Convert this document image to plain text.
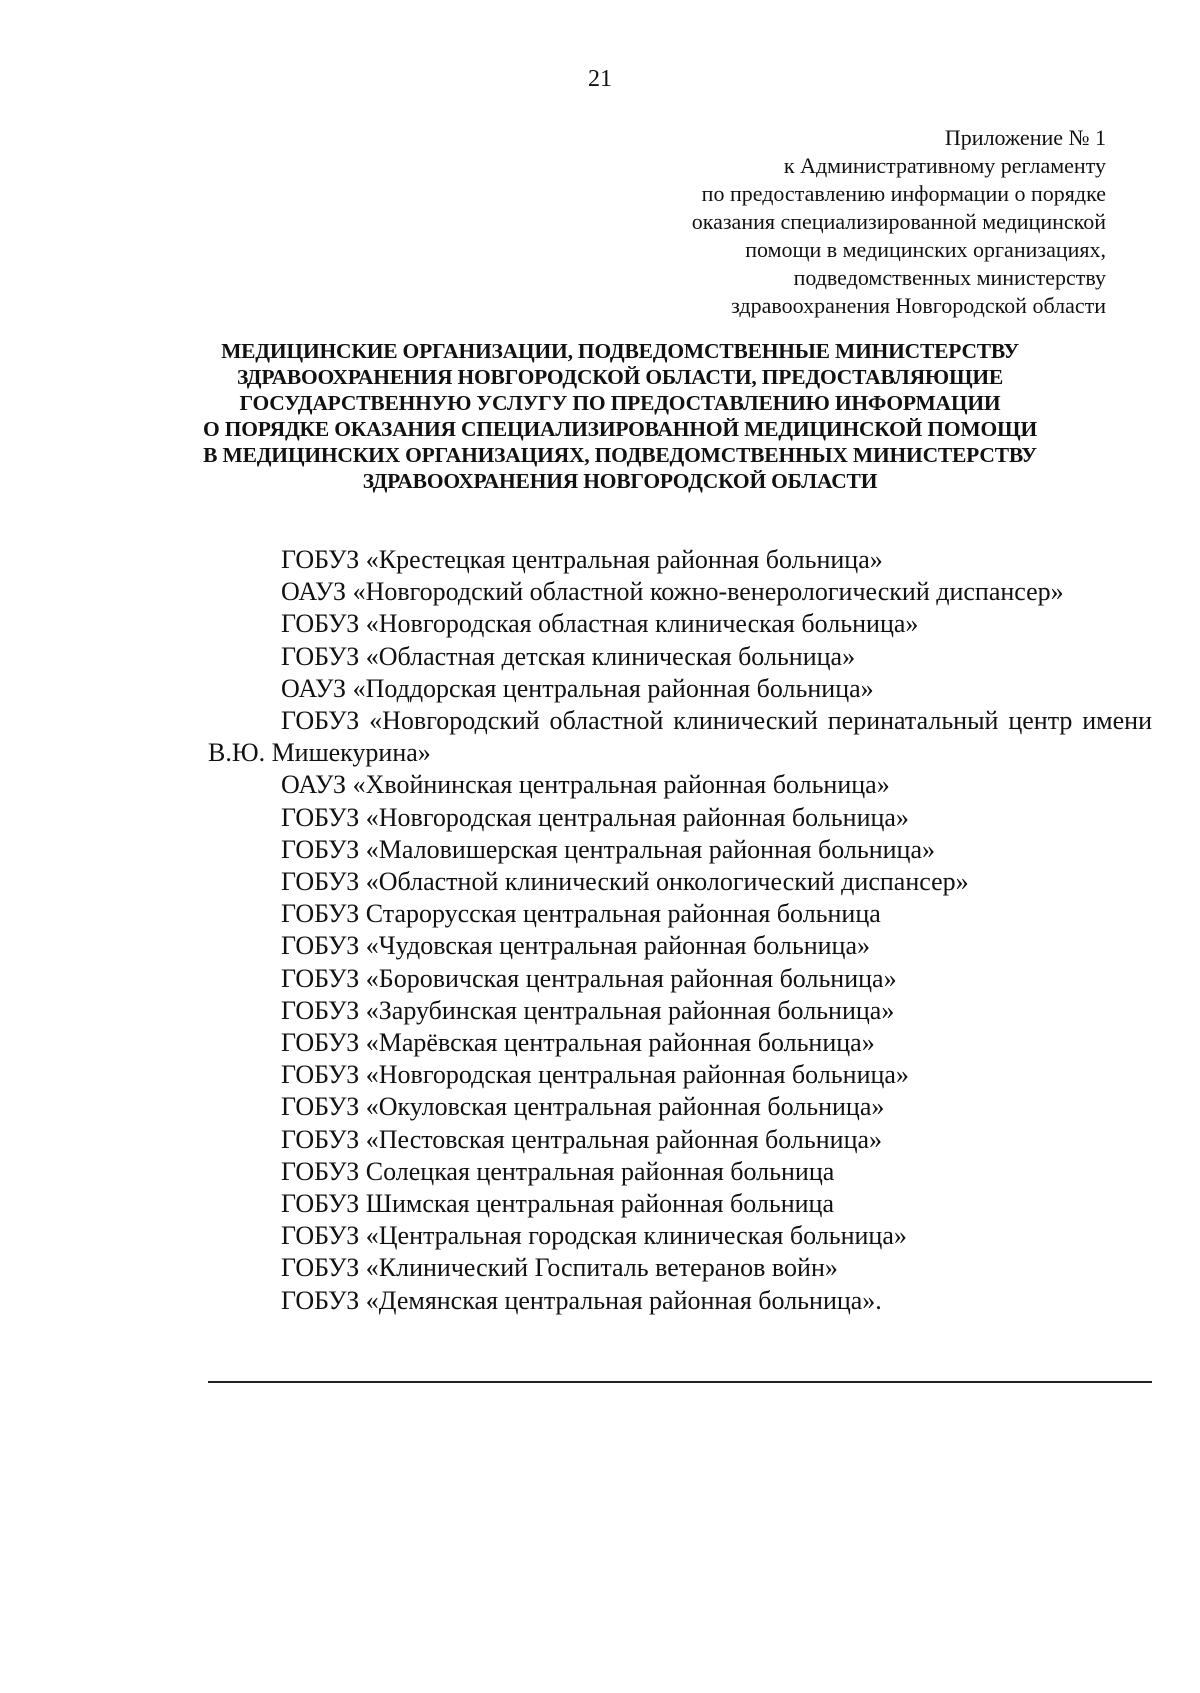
21
Приложение № 1
к Административному регламенту
по предоставлению информации о порядке
оказания специализированной медицинской
помощи в медицинских организациях,
подведомственных министерству
здравоохранения Новгородской области
МЕДИЦИНСКИЕ ОРГАНИЗАЦИИ, ПОДВЕДОМСТВЕННЫЕ МИНИСТЕРСТВУ
ЗДРАВООХРАНЕНИЯ НОВГОРОДСКОЙ ОБЛАСТИ, ПРЕДОСТАВЛЯЮЩИЕ
ГОСУДАРСТВЕННУЮ УСЛУГУ ПО ПРЕДОСТАВЛЕНИЮ ИНФОРМАЦИИ
О ПОРЯДКЕ ОКАЗАНИЯ СПЕЦИАЛИЗИРОВАННОЙ МЕДИЦИНСКОЙ ПОМОЩИ
В МЕДИЦИНСКИХ ОРГАНИЗАЦИЯХ, ПОДВЕДОМСТВЕННЫХ МИНИСТЕРСТВУ
ЗДРАВООХРАНЕНИЯ НОВГОРОДСКОЙ ОБЛАСТИ
ГОБУЗ «Крестецкая центральная районная больница»
ОАУЗ «Новгородский областной кожно-венерологический диспансер»
ГОБУЗ «Новгородская областная клиническая больница»
ГОБУЗ «Областная детская клиническая больница»
ОАУЗ «Поддорская центральная районная больница»
ГОБУЗ «Новгородский областной клинический перинатальный центр имени В.Ю. Мишекурина»
ОАУЗ «Хвойнинская центральная районная больница»
ГОБУЗ «Новгородская центральная районная больница»
ГОБУЗ «Маловишерская центральная районная больница»
ГОБУЗ «Областной клинический онкологический диспансер»
ГОБУЗ Старорусская центральная районная больница
ГОБУЗ «Чудовская центральная районная больница»
ГОБУЗ «Боровичская центральная районная больница»
ГОБУЗ «Зарубинская центральная районная больница»
ГОБУЗ «Марёвская центральная районная больница»
ГОБУЗ «Новгородская центральная районная больница»
ГОБУЗ «Окуловская центральная районная больница»
ГОБУЗ «Пестовская центральная районная больница»
ГОБУЗ Солецкая центральная районная больница
ГОБУЗ Шимская центральная районная больница
ГОБУЗ «Центральная городская клиническая больница»
ГОБУЗ «Клинический Госпиталь ветеранов войн»
ГОБУЗ «Демянская центральная районная больница».
